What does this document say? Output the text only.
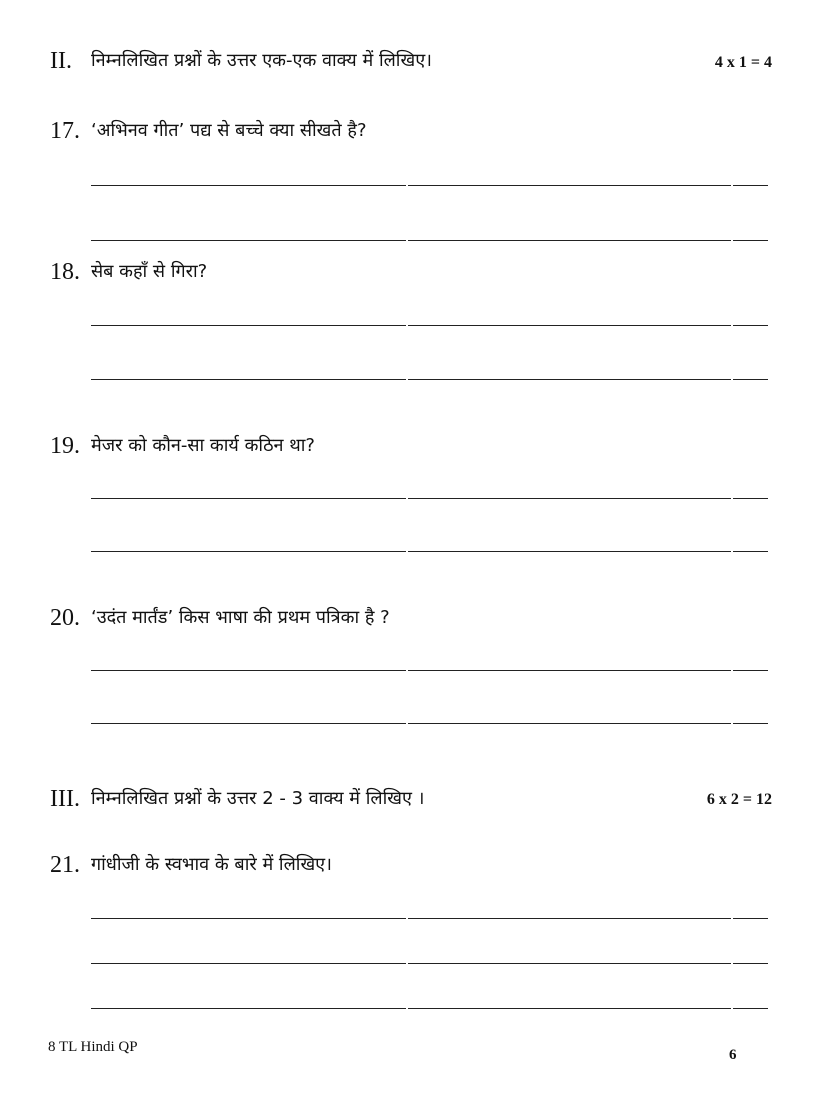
II. निम्नलिखित प्रश्नों के उत्तर एक-एक वाक्य में लिखिए।	4 x 1 = 4
17. ‘अभिनव गीत’ पद्य से बच्चे क्या सीखते है?
18. सेब कहाँ से गिरा?
19. मेजर को कौन-सा कार्य कठिन था?
20. ‘उदंत मार्तंड’ किस भाषा की प्रथम पत्रिका है ?
III. निम्नलिखित प्रश्नों के उत्तर 2 - 3 वाक्य में लिखिए ।	6 x 2 = 12
21. गांधीजी के स्वभाव के बारे में लिखिए।
8 TL Hindi QP	6
